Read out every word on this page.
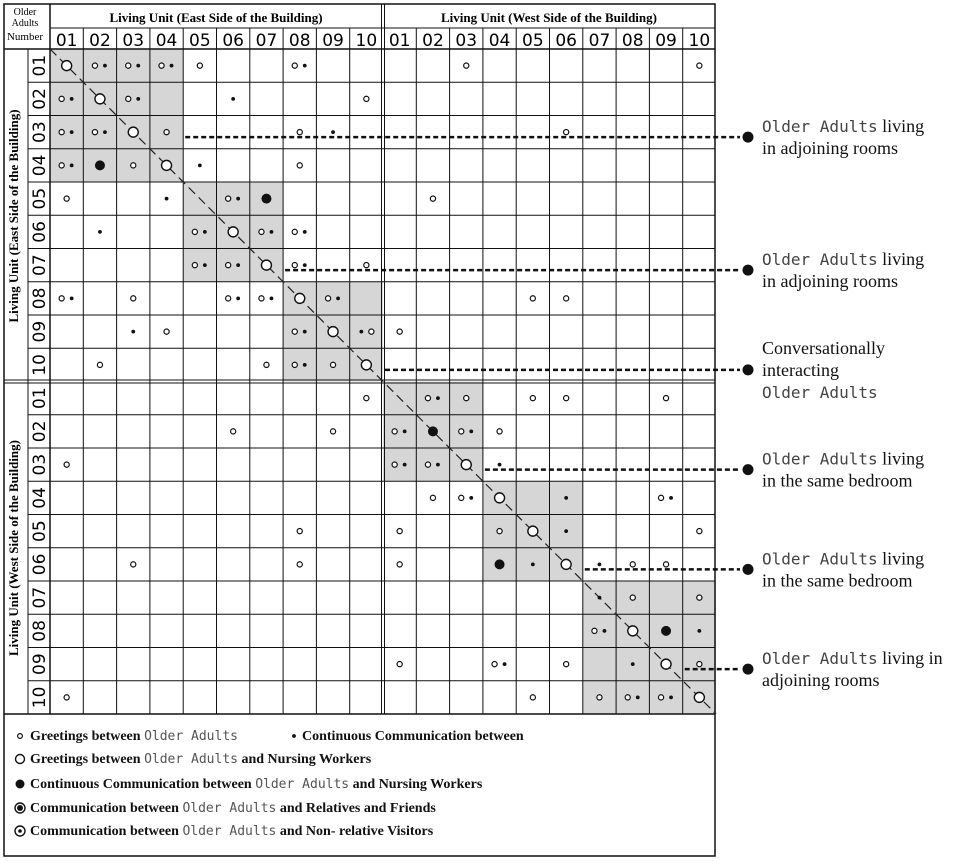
Older
Adults
Number
Living Unit (East Side of the Building)	Living Unit (West Side of the Building)
Living Unit (East Side of the Building)
Living Unit (West Side of the Building)
01
01
02
02
03
03
04
04
05
05
06
06
07
07
08
08
09
09
10
10
01
01
02
02
03
03
04
04
05
05
06
06
07
07
08
08
09
09
10
10
Older Adults living
in adjoining rooms
Older Adults living
in adjoining rooms
Conversationally
interacting
Older Adults
Older Adults living
in the same bedroom
Older Adults living
in the same bedroom
Older Adults living in
adjoining rooms
Greetings between Older Adults	Continuous Communication between
Greetings between Older Adults and Nursing Workers
Continuous Communication between Older Adults and Nursing Workers
Communication between Older Adults and Relatives and Friends
Communication between Older Adults and Non- relative Visitors
